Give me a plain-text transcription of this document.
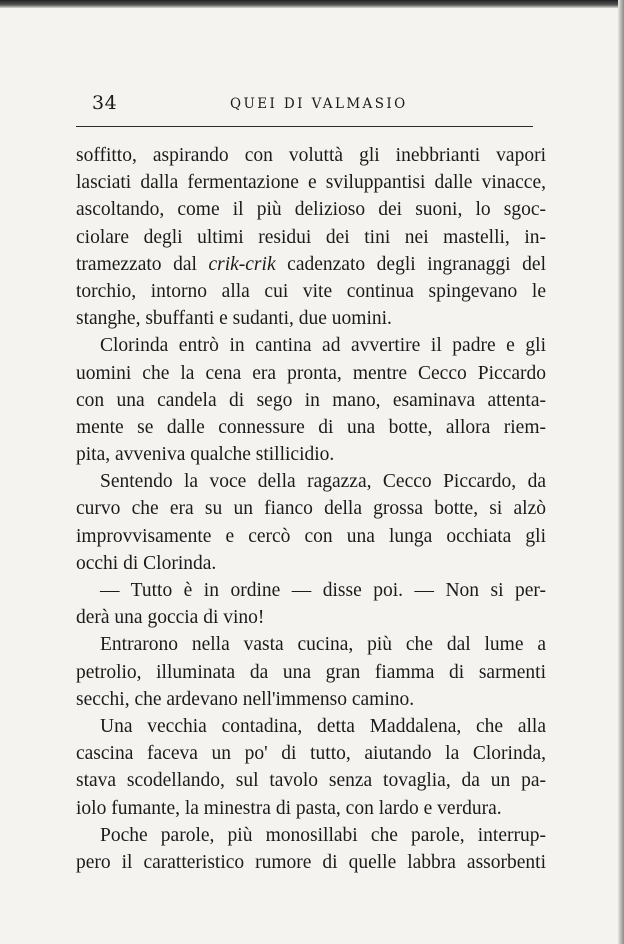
34	QUEI DI VALMASIO
soffitto, aspirando con voluttà gli inebbrianti vapori
lasciati dalla fermentazione e sviluppantisi dalle vinacce,
ascoltando, come il più delizioso dei suoni, lo sgoc-
ciolare degli ultimi residui dei tini nei mastelli, in-
tramezzato dal crik-crik cadenzato degli ingranaggi del
torchio, intorno alla cui vite continua spingevano le
stanghe, sbuffanti e sudanti, due uomini.
Clorinda entrò in cantina ad avvertire il padre e gli
uomini che la cena era pronta, mentre Cecco Piccardo
con una candela di sego in mano, esaminava attenta-
mente se dalle connessure di una botte, allora riem-
pita, avveniva qualche stillicidio.
Sentendo la voce della ragazza, Cecco Piccardo, da
curvo che era su un fianco della grossa botte, si alzò
improvvisamente e cercò con una lunga occhiata gli
occhi di Clorinda.
— Tutto è in ordine — disse poi. — Non si per-
derà una goccia di vino!
Entrarono nella vasta cucina, più che dal lume a
petrolio, illuminata da una gran fiamma di sarmenti
secchi, che ardevano nell'immenso camino.
Una vecchia contadina, detta Maddalena, che alla
cascina faceva un po' di tutto, aiutando la Clorinda,
stava scodellando, sul tavolo senza tovaglia, da un pa-
iolo fumante, la minestra di pasta, con lardo e verdura.
Poche parole, più monosillabi che parole, interrup-
pero il caratteristico rumore di quelle labbra assorbenti
